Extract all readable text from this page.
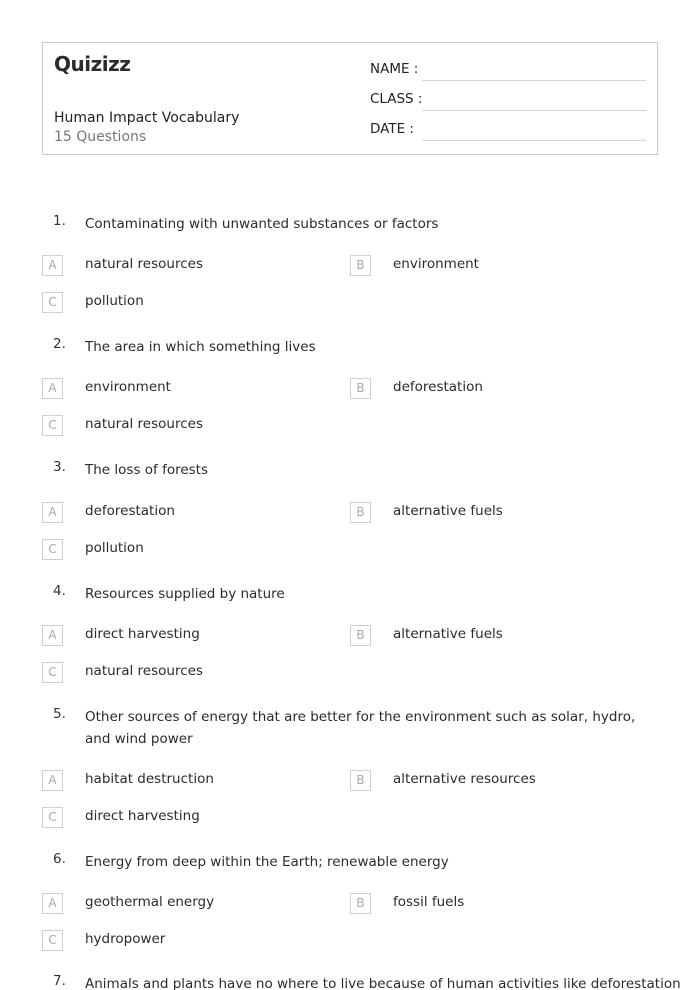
Quizizz
Human Impact Vocabulary
15 Questions
NAME :
CLASS :
DATE :
1. Contaminating with unwanted substances or factors
A	natural resources	B	environment
C	pollution
2. The area in which something lives
A	environment	B	deforestation
C	natural resources
3. The loss of forests
A	deforestation	B	alternative fuels
C	pollution
4. Resources supplied by nature
A	direct harvesting	B	alternative fuels
C	natural resources
5. Other sources of energy that are better for the environment such as solar, hydro, and wind power
A	habitat destruction	B	alternative resources
C	direct harvesting
6. Energy from deep within the Earth; renewable energy
A	geothermal energy	B	fossil fuels
C	hydropower
7. Animals and plants have no where to live because of human activities like deforestation
